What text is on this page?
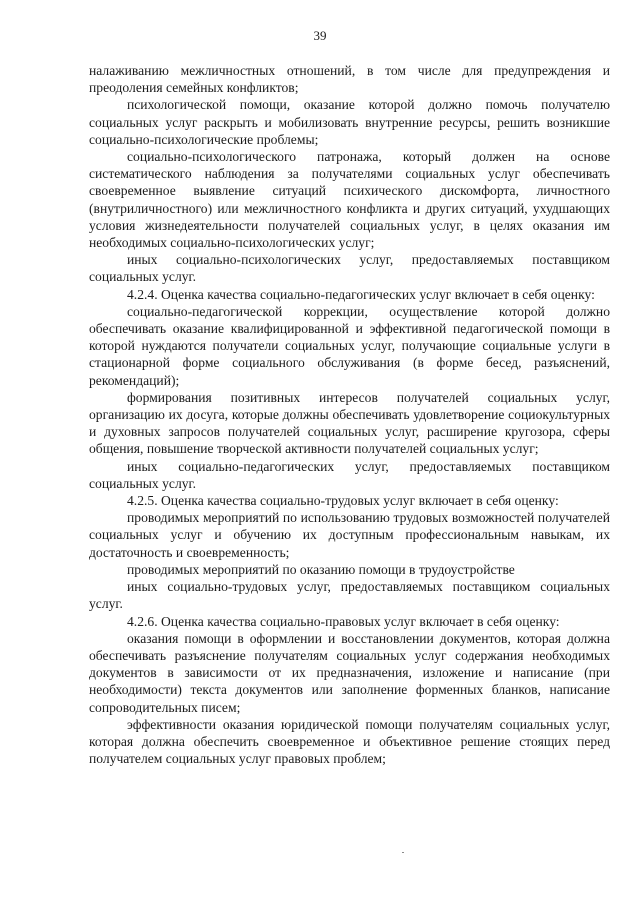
39

налаживанию межличностных отношений, в том числе для предупреждения и преодоления семейных конфликтов;

психологической помощи, оказание которой должно помочь получателю социальных услуг раскрыть и мобилизовать внутренние ресурсы, решить возникшие социально-психологические проблемы;

социально-психологического патронажа, который должен на основе систематического наблюдения за получателями социальных услуг обеспечивать своевременное выявление ситуаций психического дискомфорта, личностного (внутриличностного) или межличностного конфликта и других ситуаций, ухудшающих условия жизнедеятельности получателей социальных услуг, в целях оказания им необходимых социально-психологических услуг;

иных социально-психологических услуг, предоставляемых поставщиком социальных услуг.

4.2.4. Оценка качества социально-педагогических услуг включает в себя оценку:

социально-педагогической коррекции, осуществление которой должно обеспечивать оказание квалифицированной и эффективной педагогической помощи в которой нуждаются получатели социальных услуг, получающие социальные услуги в стационарной форме социального обслуживания (в форме бесед, разъяснений, рекомендаций);

формирования позитивных интересов получателей социальных услуг, организацию их досуга, которые должны обеспечивать удовлетворение социокультурных и духовных запросов получателей социальных услуг, расширение кругозора, сферы общения, повышение творческой активности получателей социальных услуг;

иных социально-педагогических услуг, предоставляемых поставщиком социальных услуг.

4.2.5. Оценка качества социально-трудовых услуг включает в себя оценку:

проводимых мероприятий по использованию трудовых возможностей получателей социальных услуг и обучению их доступным профессиональным навыкам, их достаточность и своевременность;

проводимых мероприятий по оказанию помощи в трудоустройстве

иных социально-трудовых услуг, предоставляемых поставщиком социальных услуг.

4.2.6. Оценка качества социально-правовых услуг включает в себя оценку:

оказания помощи в оформлении и восстановлении документов, которая должна обеспечивать разъяснение получателям социальных услуг содержания необходимых документов в зависимости от их предназначения, изложение и написание (при необходимости) текста документов или заполнение форменных бланков, написание сопроводительных писем;

эффективности оказания юридической помощи получателям социальных услуг, которая должна обеспечить своевременное и объективное решение стоящих перед получателем социальных услуг правовых проблем;
